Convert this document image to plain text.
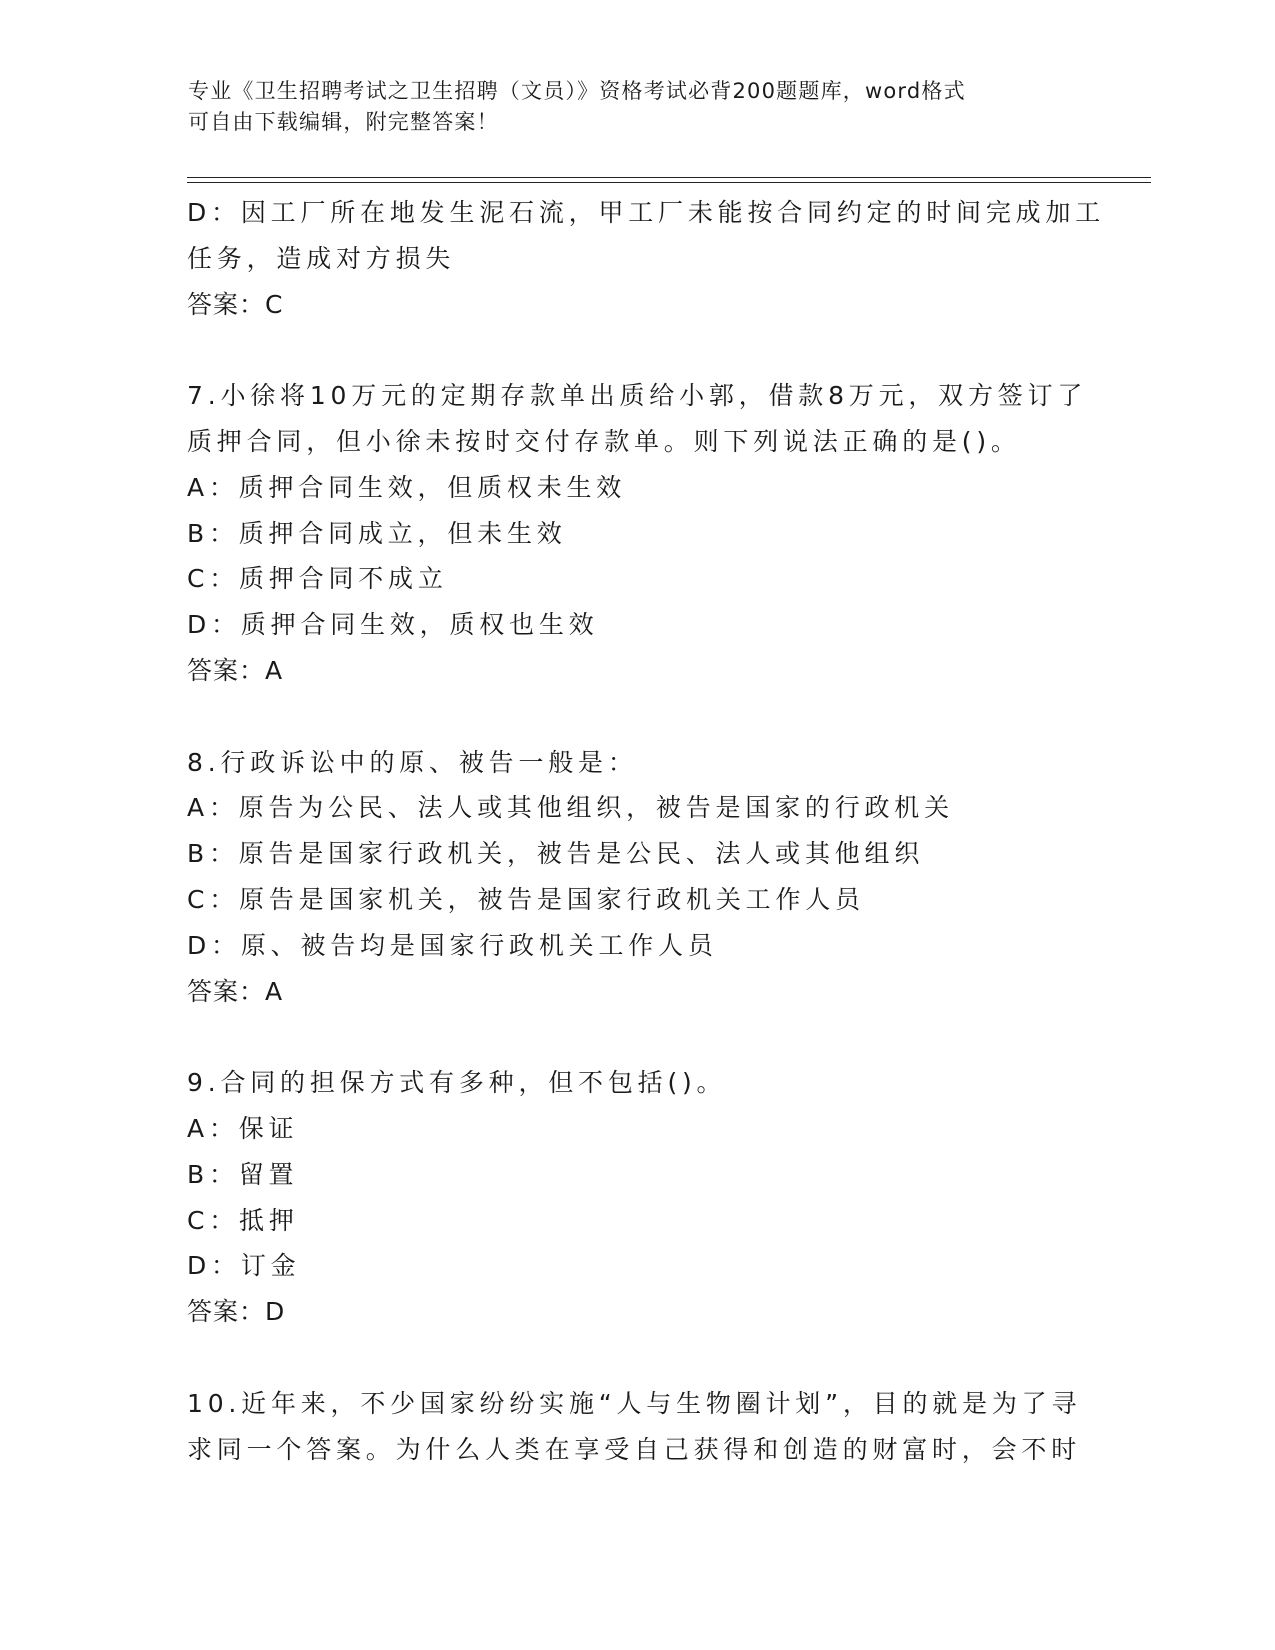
专业《卫生招聘考试之卫生招聘（文员）》资格考试必背200题题库，word格式
可自由下载编辑，附完整答案！
D：因工厂所在地发生泥石流，甲工厂未能按合同约定的时间完成加工
任务，造成对方损失
答案：C
7.小徐将10万元的定期存款单出质给小郭，借款8万元，双方签订了
质押合同，但小徐未按时交付存款单。则下列说法正确的是()。
A：质押合同生效，但质权未生效
B：质押合同成立，但未生效
C：质押合同不成立
D：质押合同生效，质权也生效
答案：A
8.行政诉讼中的原、被告一般是：
A：原告为公民、法人或其他组织，被告是国家的行政机关
B：原告是国家行政机关，被告是公民、法人或其他组织
C：原告是国家机关，被告是国家行政机关工作人员
D：原、被告均是国家行政机关工作人员
答案：A
9.合同的担保方式有多种，但不包括()。
A：保证
B：留置
C：抵押
D：订金
答案：D
10.近年来，不少国家纷纷实施“人与生物圈计划”，目的就是为了寻
求同一个答案。为什么人类在享受自己获得和创造的财富时，会不时
